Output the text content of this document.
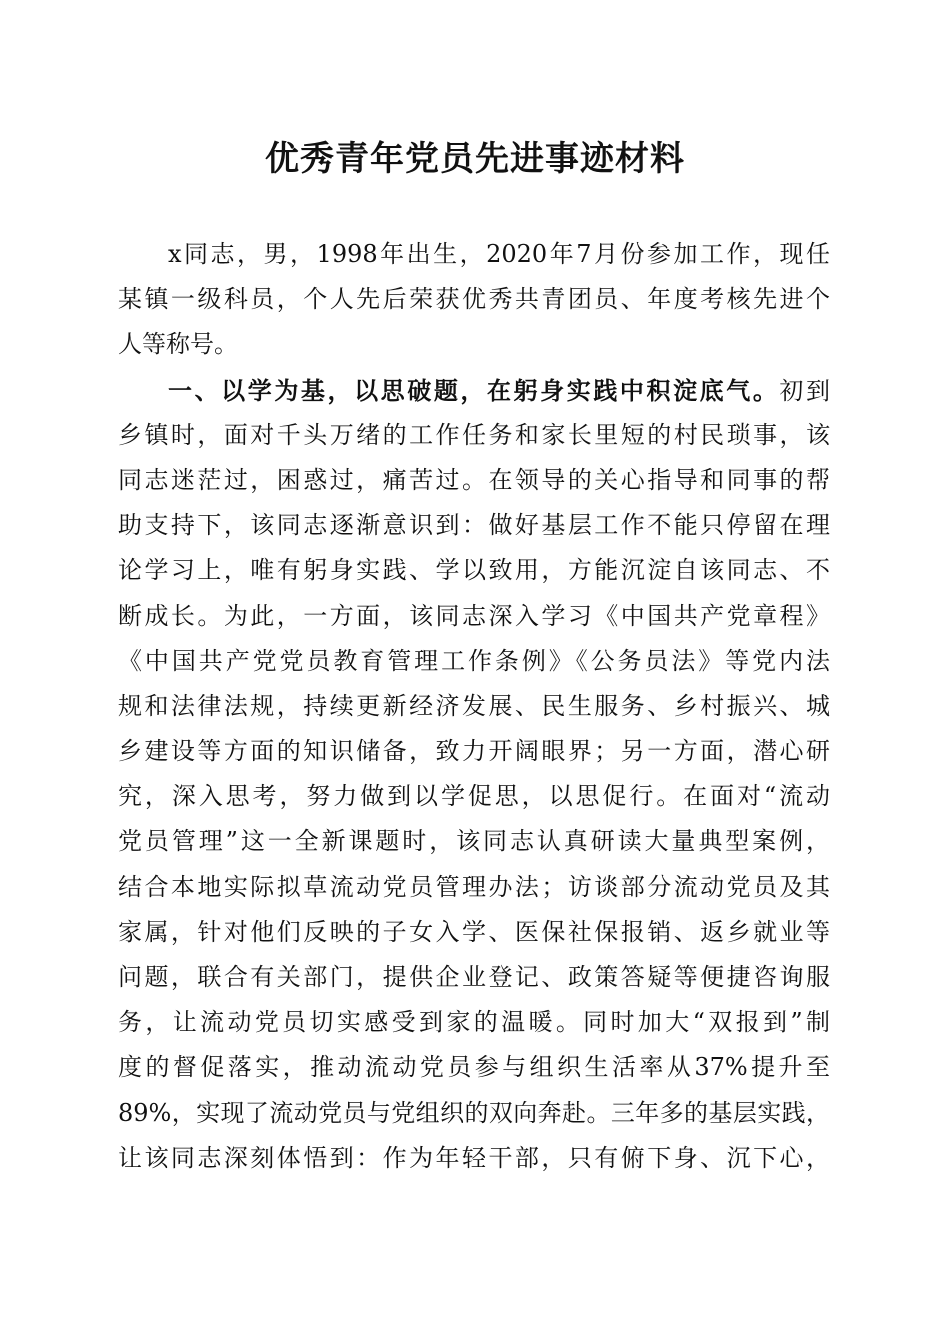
优秀青年党员先进事迹材料
x同志，男，1998年出生，2020年7月份参加工作，现任
某镇一级科员，个人先后荣获优秀共青团员、年度考核先进个
人等称号。
一、以学为基，以思破题，在躬身实践中积淀底气。初到
乡镇时，面对千头万绪的工作任务和家长里短的村民琐事，该
同志迷茫过，困惑过，痛苦过。在领导的关心指导和同事的帮
助支持下，该同志逐渐意识到：做好基层工作不能只停留在理
论学习上，唯有躬身实践、学以致用，方能沉淀自该同志、不
断成长。为此，一方面，该同志深入学习《中国共产党章程》
《中国共产党党员教育管理工作条例》《公务员法》等党内法
规和法律法规，持续更新经济发展、民生服务、乡村振兴、城
乡建设等方面的知识储备，致力开阔眼界；另一方面，潜心研
究，深入思考，努力做到以学促思，以思促行。在面对“流动
党员管理”这一全新课题时，该同志认真研读大量典型案例，
结合本地实际拟草流动党员管理办法；访谈部分流动党员及其
家属，针对他们反映的子女入学、医保社保报销、返乡就业等
问题，联合有关部门，提供企业登记、政策答疑等便捷咨询服
务，让流动党员切实感受到家的温暖。同时加大“双报到”制
度的督促落实，推动流动党员参与组织生活率从37%提升至
89%，实现了流动党员与党组织的双向奔赴。三年多的基层实践，
让该同志深刻体悟到：作为年轻干部，只有俯下身、沉下心，
